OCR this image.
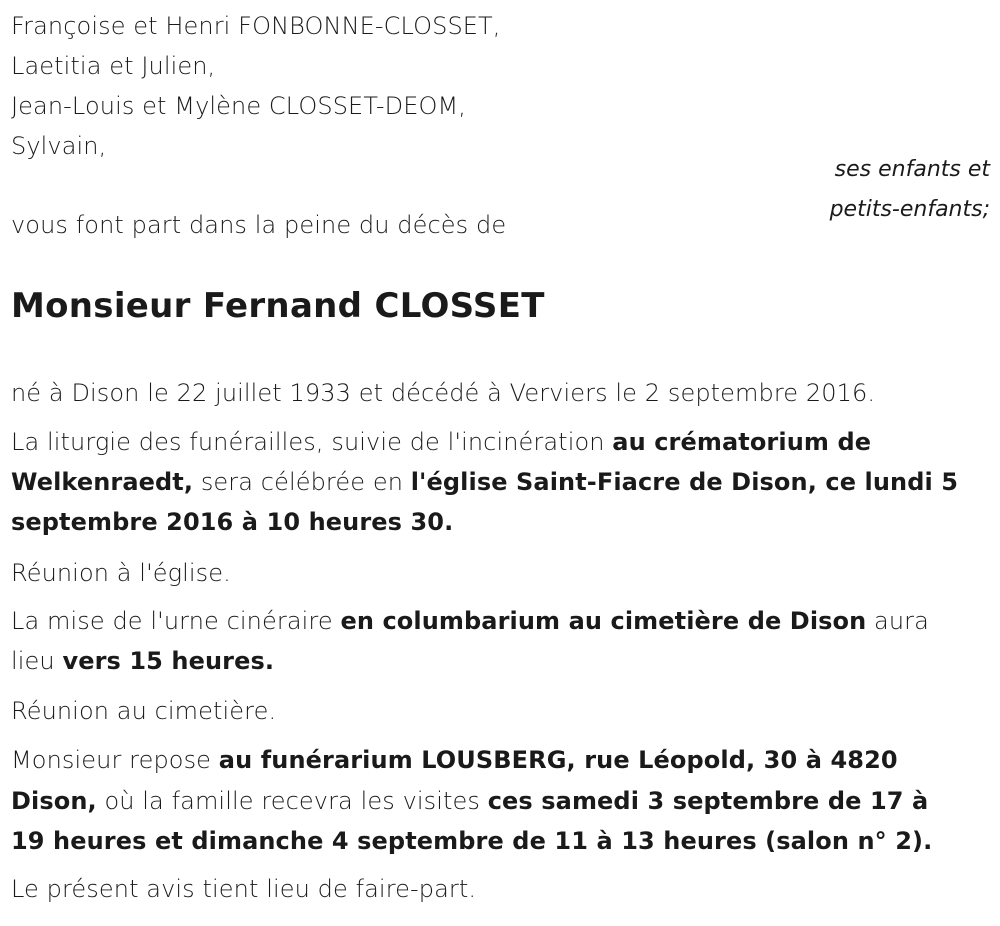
Françoise et Henri FONBONNE-CLOSSET,
Laetitia et Julien,
Jean-Louis et Mylène CLOSSET-DEOM,
Sylvain,
ses enfants et
petits-enfants;
vous font part dans la peine du décès de
Monsieur Fernand CLOSSET
né à Dison le 22 juillet 1933 et décédé à Verviers le 2 septembre 2016.
La liturgie des funérailles, suivie de l'incinération au crématorium de
Welkenraedt, sera célébrée en l'église Saint-Fiacre de Dison, ce lundi 5
septembre 2016 à 10 heures 30.
Réunion à l'église.
La mise de l'urne cinéraire en columbarium au cimetière de Dison aura
lieu vers 15 heures.
Réunion au cimetière.
Monsieur repose au funérarium LOUSBERG, rue Léopold, 30 à 4820
Dison, où la famille recevra les visites ces samedi 3 septembre de 17 à
19 heures et dimanche 4 septembre de 11 à 13 heures (salon n° 2).
Le présent avis tient lieu de faire-part.
